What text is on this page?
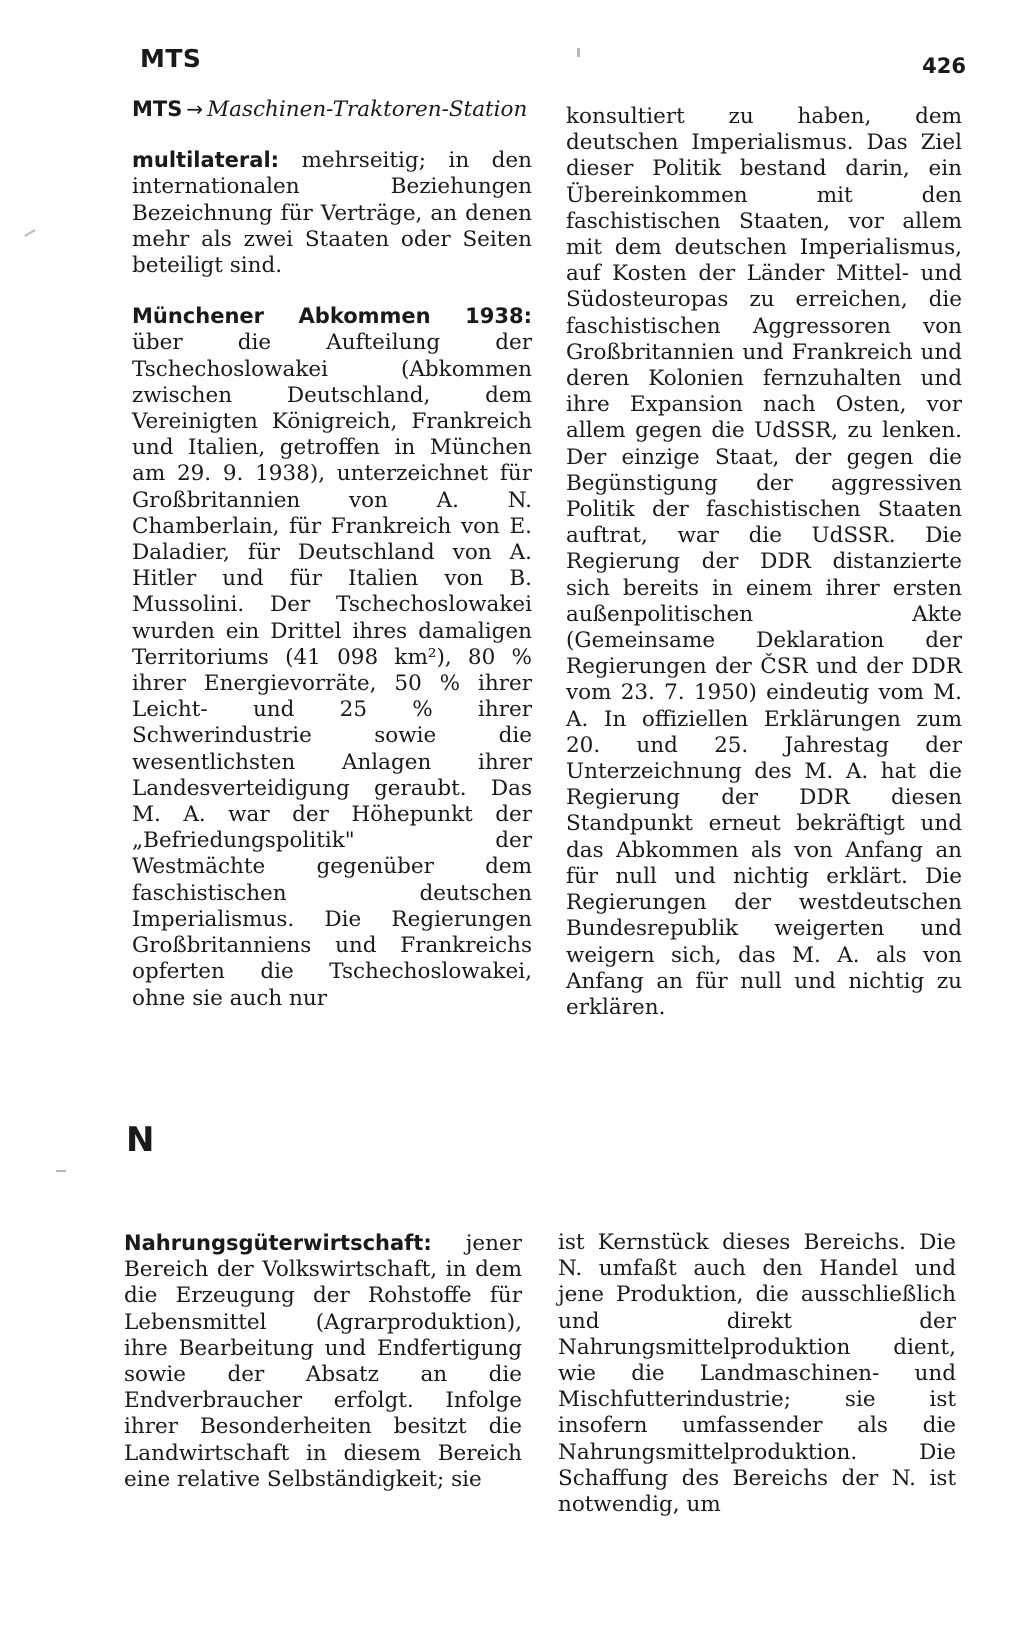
MTS	426

MTS → Maschinen-Traktoren-Station

multilateral: mehrseitig; in den internationalen Beziehungen Bezeichnung für Verträge, an denen mehr als zwei Staaten oder Seiten beteiligt sind.

Münchener Abkommen 1938: über die Aufteilung der Tschechoslowakei (Abkommen zwischen Deutschland, dem Vereinigten Königreich, Frankreich und Italien, getroffen in München am 29. 9. 1938), unterzeichnet für Großbritannien von A. N. Chamberlain, für Frankreich von E. Daladier, für Deutschland von A. Hitler und für Italien von B. Mussolini. Der Tschechoslowakei wurden ein Drittel ihres damaligen Territoriums (41 098 km²), 80 % ihrer Energievorräte, 50 % ihrer Leicht- und 25 % ihrer Schwerindustrie sowie die wesentlichsten Anlagen ihrer Landesverteidigung geraubt. Das M. A. war der Höhepunkt der „Befriedungspolitik" der Westmächte gegenüber dem faschistischen deutschen Imperialismus. Die Regierungen Großbritanniens und Frankreichs opferten die Tschechoslowakei, ohne sie auch nur

konsultiert zu haben, dem deutschen Imperialismus. Das Ziel dieser Politik bestand darin, ein Übereinkommen mit den faschistischen Staaten, vor allem mit dem deutschen Imperialismus, auf Kosten der Länder Mittel- und Südosteuropas zu erreichen, die faschistischen Aggressoren von Großbritannien und Frankreich und deren Kolonien fernzuhalten und ihre Expansion nach Osten, vor allem gegen die UdSSR, zu lenken. Der einzige Staat, der gegen die Begünstigung der aggressiven Politik der faschistischen Staaten auftrat, war die UdSSR. Die Regierung der DDR distanzierte sich bereits in einem ihrer ersten außenpolitischen Akte (Gemeinsame Deklaration der Regierungen der ČSR und der DDR vom 23. 7. 1950) eindeutig vom M. A. In offiziellen Erklärungen zum 20. und 25. Jahrestag der Unterzeichnung des M. A. hat die Regierung der DDR diesen Standpunkt erneut bekräftigt und das Abkommen als von Anfang an für null und nichtig erklärt. Die Regierungen der westdeutschen Bundesrepublik weigerten und weigern sich, das M. A. als von Anfang an für null und nichtig zu erklären.

N

Nahrungsgüterwirtschaft: jener Bereich der Volkswirtschaft, in dem die Erzeugung der Rohstoffe für Lebensmittel (Agrarproduktion), ihre Bearbeitung und Endfertigung sowie der Absatz an die Endverbraucher erfolgt. Infolge ihrer Besonderheiten besitzt die Landwirtschaft in diesem Bereich eine relative Selbständigkeit; sie

ist Kernstück dieses Bereichs. Die N. umfaßt auch den Handel und jene Produktion, die ausschließlich und direkt der Nahrungsmittelproduktion dient, wie die Landmaschinen- und Mischfutterindustrie; sie ist insofern umfassender als die Nahrungsmittelproduktion. Die Schaffung des Bereichs der N. ist notwendig, um
